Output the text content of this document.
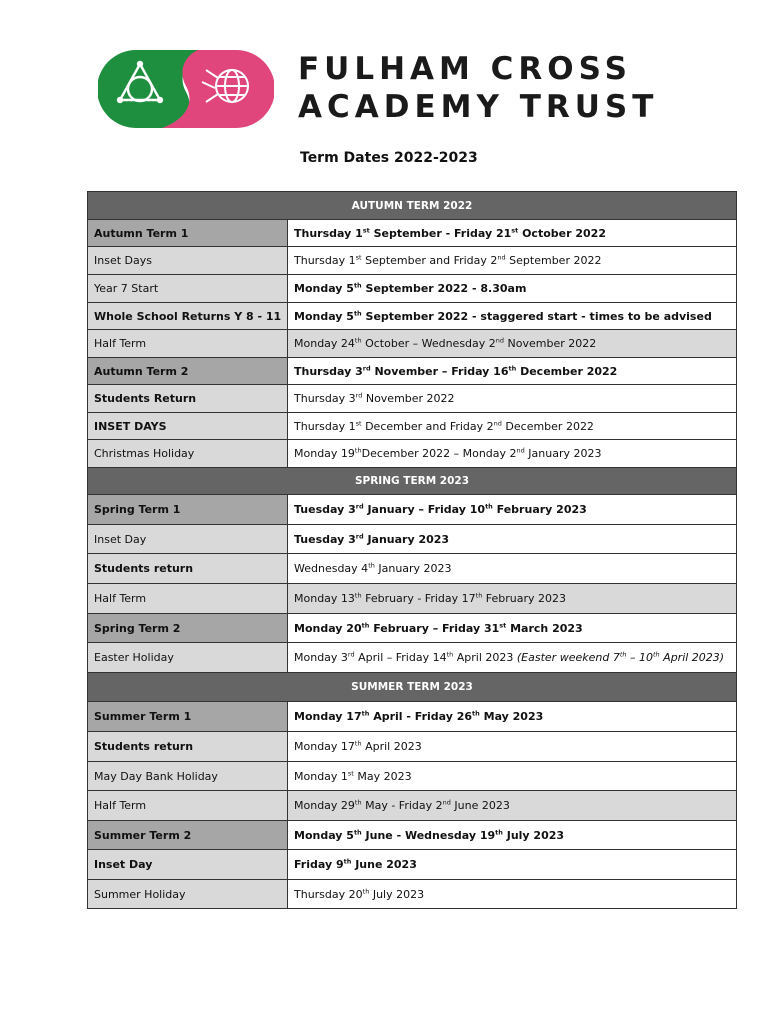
FULHAM CROSS
ACADEMY TRUST
Term Dates 2022-2023
AUTUMN TERM 2022	
Autumn Term 1	Thursday 1st September - Friday 21st October 2022
Inset Days	Thursday 1st September and Friday 2nd September 2022
Year 7 Start	Monday 5th September 2022 - 8.30am
Whole School Returns Y 8 - 11	Monday 5th September 2022 - staggered start - times to be advised
Half Term	Monday 24th October – Wednesday 2nd November 2022
Autumn Term 2	Thursday 3rd November – Friday 16th December 2022
Students Return	Thursday 3rd November 2022
INSET DAYS	Thursday 1st December and Friday 2nd December 2022
Christmas Holiday	Monday 19thDecember 2022 – Monday 2nd January 2023
SPRING TERM 2023	
Spring Term 1	Tuesday 3rd January – Friday 10th February 2023
Inset Day	Tuesday 3rd January 2023
Students return	Wednesday 4th January 2023
Half Term	Monday 13th February - Friday 17th February 2023
Spring Term 2	Monday 20th February – Friday 31st March 2023
Easter Holiday	Monday 3rd April – Friday 14th April 2023 (Easter weekend 7th – 10th April 2023)
SUMMER TERM 2023	
Summer Term 1	Monday 17th April - Friday 26th May 2023
Students return	Monday 17th April 2023
May Day Bank Holiday	Monday 1st May 2023
Half Term	Monday 29th May - Friday 2nd June 2023
Summer Term 2	Monday 5th June - Wednesday 19th July 2023
Inset Day	Friday 9th June 2023
Summer Holiday	Thursday 20th July 2023
